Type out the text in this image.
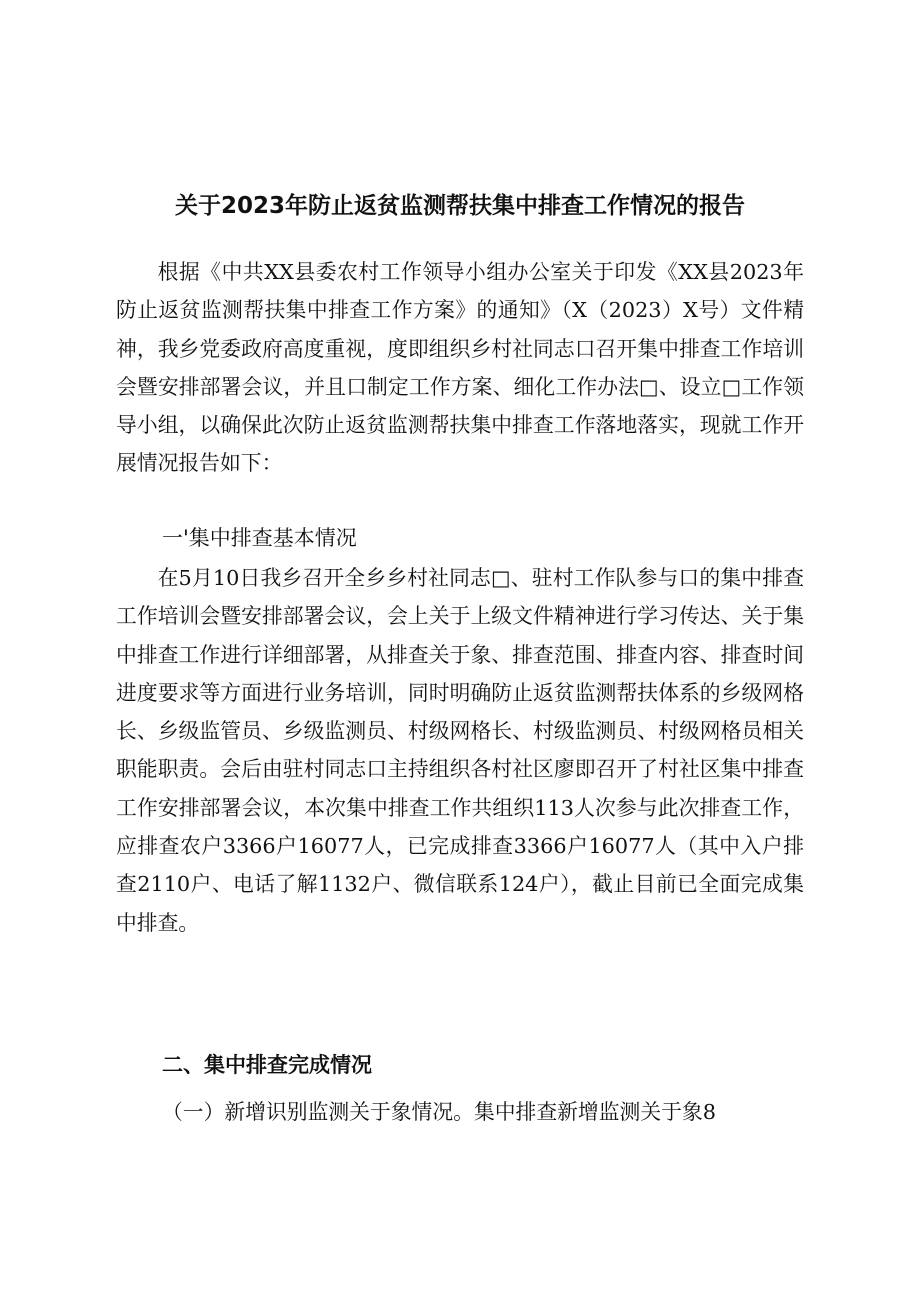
关于2023年防止返贫监测帮扶集中排查工作情况的报告

根据《中共XX县委农村工作领导小组办公室关于印发《XX县2023年防止返贫监测帮扶集中排查工作方案》的通知》（X（2023）X号）文件精神，我乡党委政府高度重视，度即组织乡村社同志口召开集中排查工作培训会暨安排部署会议，并且口制定工作方案、细化工作办法□、设立□工作领导小组，以确保此次防止返贫监测帮扶集中排查工作落地落实，现就工作开展情况报告如下：

一'集中排查基本情况

在5月10日我乡召开全乡乡村社同志□、驻村工作队参与口的集中排查工作培训会暨安排部署会议，会上关于上级文件精神进行学习传达、关于集中排查工作进行详细部署，从排查关于象、排查范围、排查内容、排查时间进度要求等方面进行业务培训，同时明确防止返贫监测帮扶体系的乡级网格长、乡级监管员、乡级监测员、村级网格长、村级监测员、村级网格员相关职能职责。会后由驻村同志口主持组织各村社区廖即召开了村社区集中排查工作安排部署会议，本次集中排查工作共组织113人次参与此次排查工作，应排查农户3366户16077人，已完成排查3366户16077人（其中入户排查2110户、电话了解1132户、微信联系124户），截止目前已全面完成集中排查。

二、集中排查完成情况

（一）新增识别监测关于象情况。集中排查新增监测关于象8
